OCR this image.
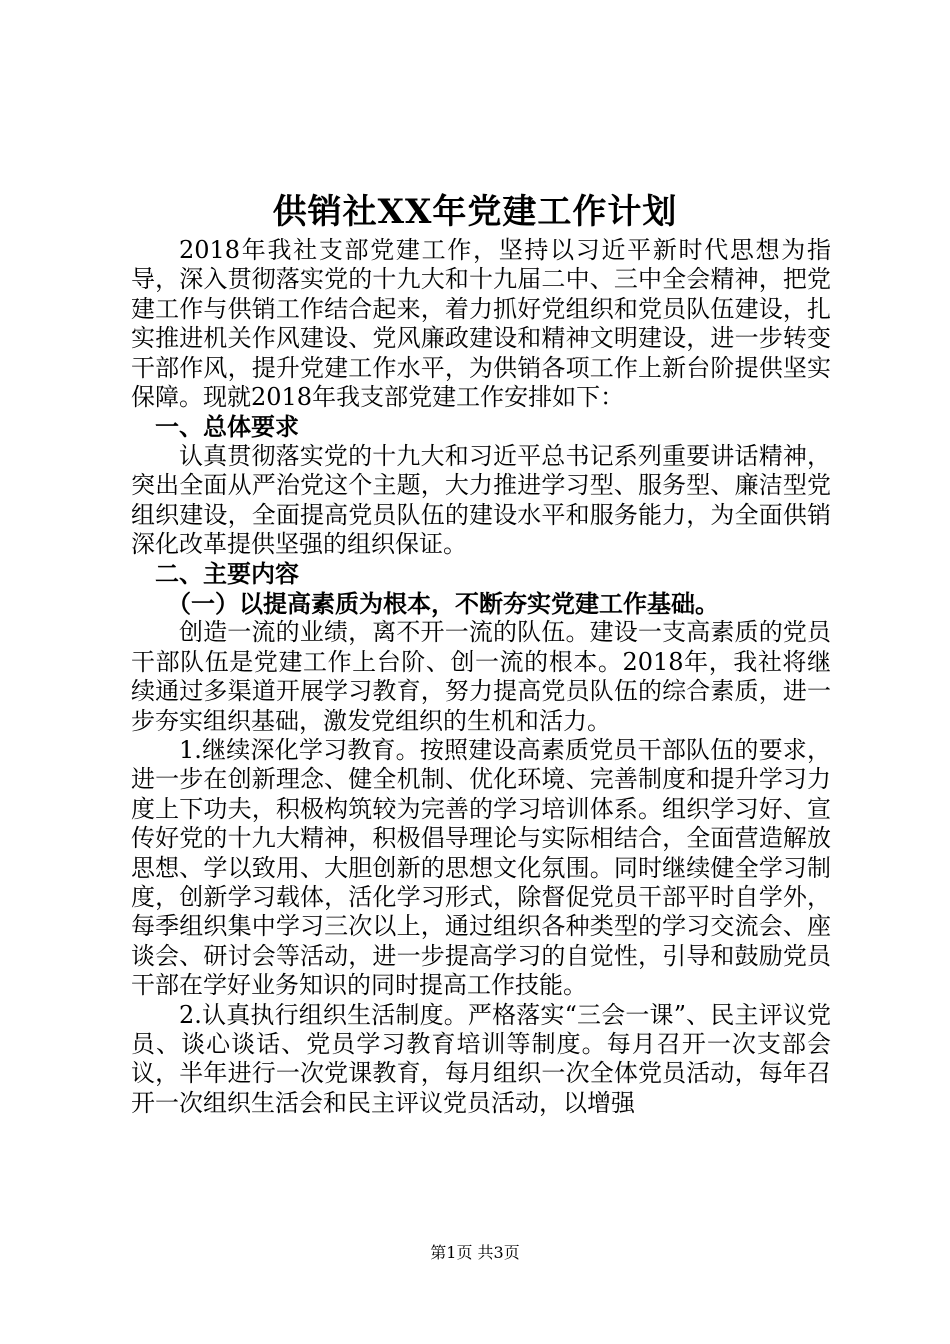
供销社XX年党建工作计划

2018年我社支部党建工作，坚持以习近平新时代思想为指导，深入贯彻落实党的十九大和十九届二中、三中全会精神，把党建工作与供销工作结合起来，着力抓好党组织和党员队伍建设，扎实推进机关作风建设、党风廉政建设和精神文明建设，进一步转变干部作风，提升党建工作水平，为供销各项工作上新台阶提供坚实保障。现就2018年我支部党建工作安排如下：

一、总体要求

认真贯彻落实党的十九大和习近平总书记系列重要讲话精神，突出全面从严治党这个主题，大力推进学习型、服务型、廉洁型党组织建设，全面提高党员队伍的建设水平和服务能力，为全面供销深化改革提供坚强的组织保证。

二、主要内容

（一）以提高素质为根本，不断夯实党建工作基础。

创造一流的业绩，离不开一流的队伍。建设一支高素质的党员干部队伍是党建工作上台阶、创一流的根本。2018年，我社将继续通过多渠道开展学习教育，努力提高党员队伍的综合素质，进一步夯实组织基础，激发党组织的生机和活力。

1.继续深化学习教育。按照建设高素质党员干部队伍的要求，进一步在创新理念、健全机制、优化环境、完善制度和提升学习力度上下功夫，积极构筑较为完善的学习培训体系。组织学习好、宣传好党的十九大精神，积极倡导理论与实际相结合，全面营造解放思想、学以致用、大胆创新的思想文化氛围。同时继续健全学习制度，创新学习载体，活化学习形式，除督促党员干部平时自学外，每季组织集中学习三次以上，通过组织各种类型的学习交流会、座谈会、研讨会等活动，进一步提高学习的自觉性，引导和鼓励党员干部在学好业务知识的同时提高工作技能。

2.认真执行组织生活制度。严格落实“三会一课”、民主评议党员、谈心谈话、党员学习教育培训等制度。每月召开一次支部会议，半年进行一次党课教育，每月组织一次全体党员活动，每年召开一次组织生活会和民主评议党员活动，以增强

第1页 共3页
